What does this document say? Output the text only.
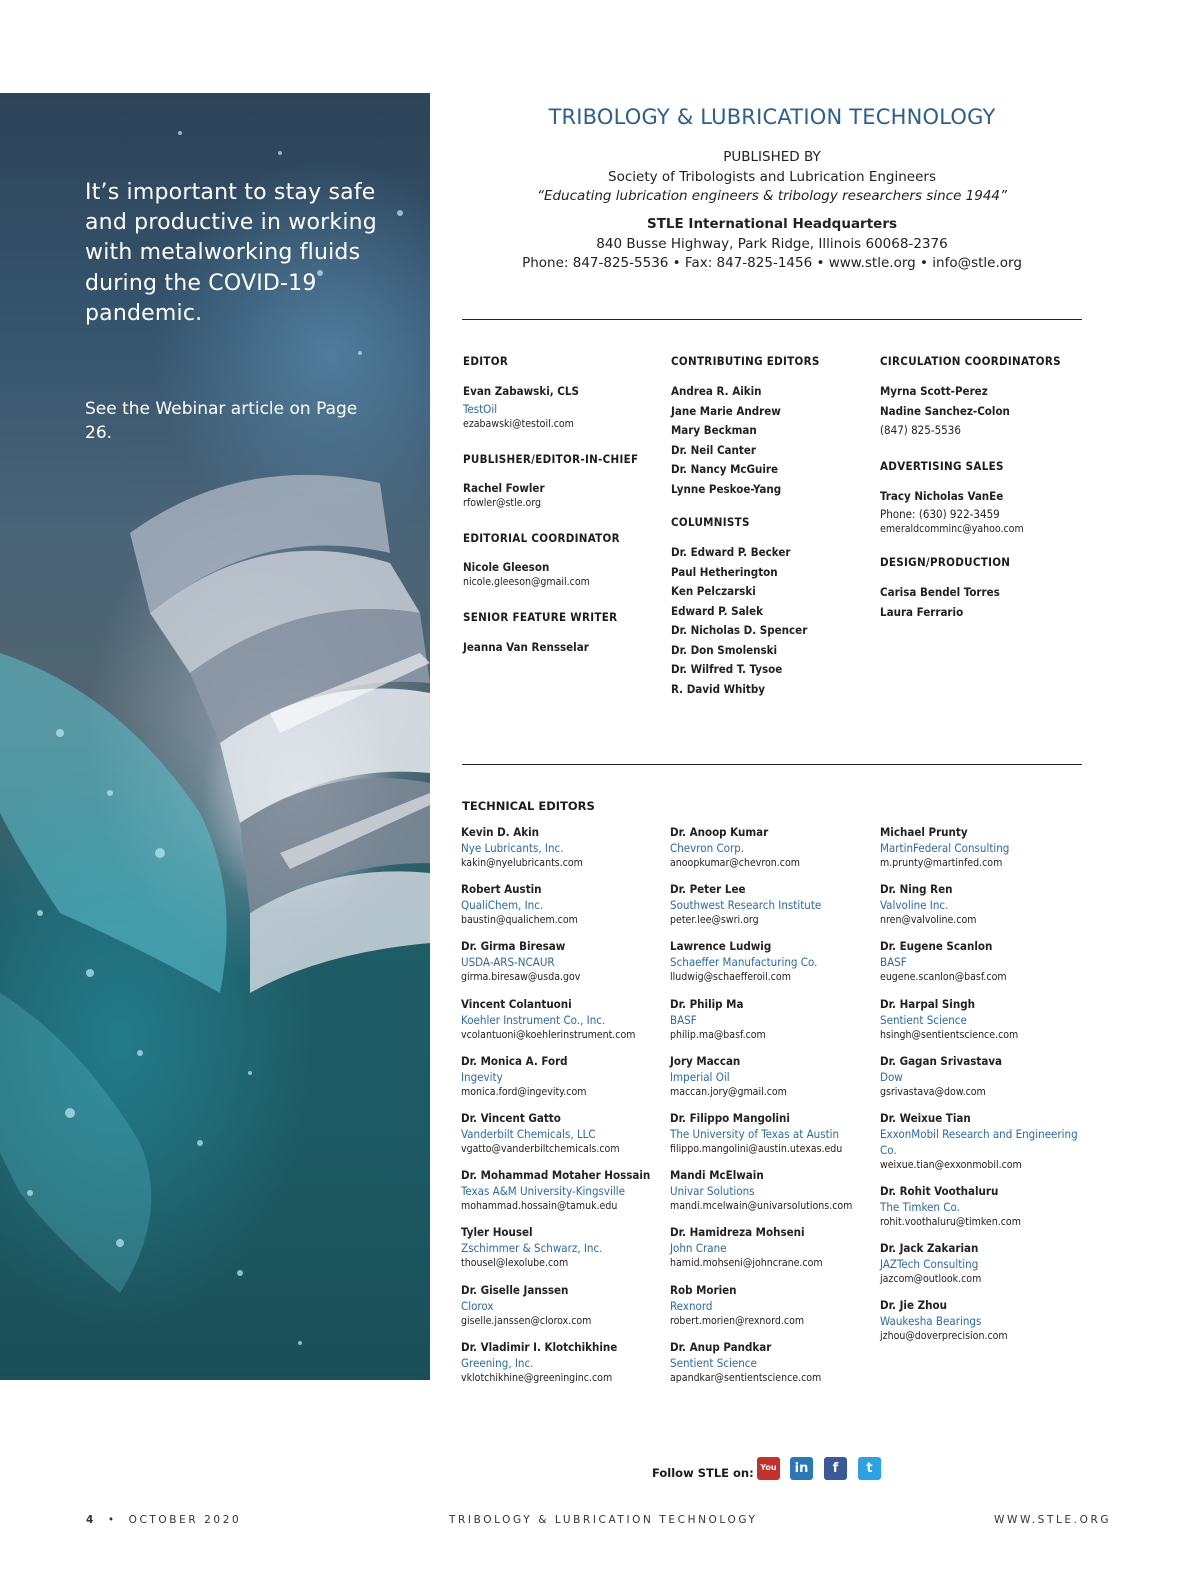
It’s important to stay safe and productive in working with metalworking fluids during the COVID-19 pandemic.
See the Webinar article on Page 26.
TRIBOLOGY & LUBRICATION TECHNOLOGY
PUBLISHED BY
Society of Tribologists and Lubrication Engineers
“Educating lubrication engineers & tribology researchers since 1944”
STLE International Headquarters
840 Busse Highway, Park Ridge, Illinois 60068-2376
Phone: 847-825-5536 • Fax: 847-825-1456 • www.stle.org • info@stle.org
EDITOR
Evan Zabawski, CLS
TestOil
ezabawski@testoil.com
PUBLISHER/EDITOR-IN-CHIEF
Rachel Fowler
rfowler@stle.org
EDITORIAL COORDINATOR
Nicole Gleeson
nicole.gleeson@gmail.com
SENIOR FEATURE WRITER
Jeanna Van Rensselar
CONTRIBUTING EDITORS
Andrea R. Aikin
Jane Marie Andrew
Mary Beckman
Dr. Neil Canter
Dr. Nancy McGuire
Lynne Peskoe-Yang
COLUMNISTS
Dr. Edward P. Becker
Paul Hetherington
Ken Pelczarski
Edward P. Salek
Dr. Nicholas D. Spencer
Dr. Don Smolenski
Dr. Wilfred T. Tysoe
R. David Whitby
CIRCULATION COORDINATORS
Myrna Scott-Perez
Nadine Sanchez-Colon
(847) 825-5536
ADVERTISING SALES
Tracy Nicholas VanEe
Phone: (630) 922-3459
emeraldcomminc@yahoo.com
DESIGN/PRODUCTION
Carisa Bendel Torres
Laura Ferrario
TECHNICAL EDITORS
Kevin D. Akin
Nye Lubricants, Inc.
kakin@nyelubricants.com
Robert Austin
QualiChem, Inc.
baustin@qualichem.com
Dr. Girma Biresaw
USDA-ARS-NCAUR
girma.biresaw@usda.gov
Vincent Colantuoni
Koehler Instrument Co., Inc.
vcolantuoni@koehlerinstrument.com
Dr. Monica A. Ford
Ingevity
monica.ford@ingevity.com
Dr. Vincent Gatto
Vanderbilt Chemicals, LLC
vgatto@vanderbiltchemicals.com
Dr. Mohammad Motaher Hossain
Texas A&M University-Kingsville
mohammad.hossain@tamuk.edu
Tyler Housel
Zschimmer & Schwarz, Inc.
thousel@lexolube.com
Dr. Giselle Janssen
Clorox
giselle.janssen@clorox.com
Dr. Vladimir I. Klotchikhine
Greening, Inc.
vklotchikhine@greeninginc.com
Dr. Anoop Kumar
Chevron Corp.
anoopkumar@chevron.com
Dr. Peter Lee
Southwest Research Institute
peter.lee@swri.org
Lawrence Ludwig
Schaeffer Manufacturing Co.
lludwig@schaefferoil.com
Dr. Philip Ma
BASF
philip.ma@basf.com
Jory Maccan
Imperial Oil
maccan.jory@gmail.com
Dr. Filippo Mangolini
The University of Texas at Austin
filippo.mangolini@austin.utexas.edu
Mandi McElwain
Univar Solutions
mandi.mcelwain@univarsolutions.com
Dr. Hamidreza Mohseni
John Crane
hamid.mohseni@johncrane.com
Rob Morien
Rexnord
robert.morien@rexnord.com
Dr. Anup Pandkar
Sentient Science
apandkar@sentientscience.com
Michael Prunty
MartinFederal Consulting
m.prunty@martinfed.com
Dr. Ning Ren
Valvoline Inc.
nren@valvoline.com
Dr. Eugene Scanlon
BASF
eugene.scanlon@basf.com
Dr. Harpal Singh
Sentient Science
hsingh@sentientscience.com
Dr. Gagan Srivastava
Dow
gsrivastava@dow.com
Dr. Weixue Tian
ExxonMobil Research and Engineering Co.
weixue.tian@exxonmobil.com
Dr. Rohit Voothaluru
The Timken Co.
rohit.voothaluru@timken.com
Dr. Jack Zakarian
JAZTech Consulting
jazcom@outlook.com
Dr. Jie Zhou
Waukesha Bearings
jzhou@doverprecision.com
Follow STLE on: You	in	f	t
4 • OCTOBER 2020	TRIBOLOGY & LUBRICATION TECHNOLOGY	WWW.STLE.ORG
